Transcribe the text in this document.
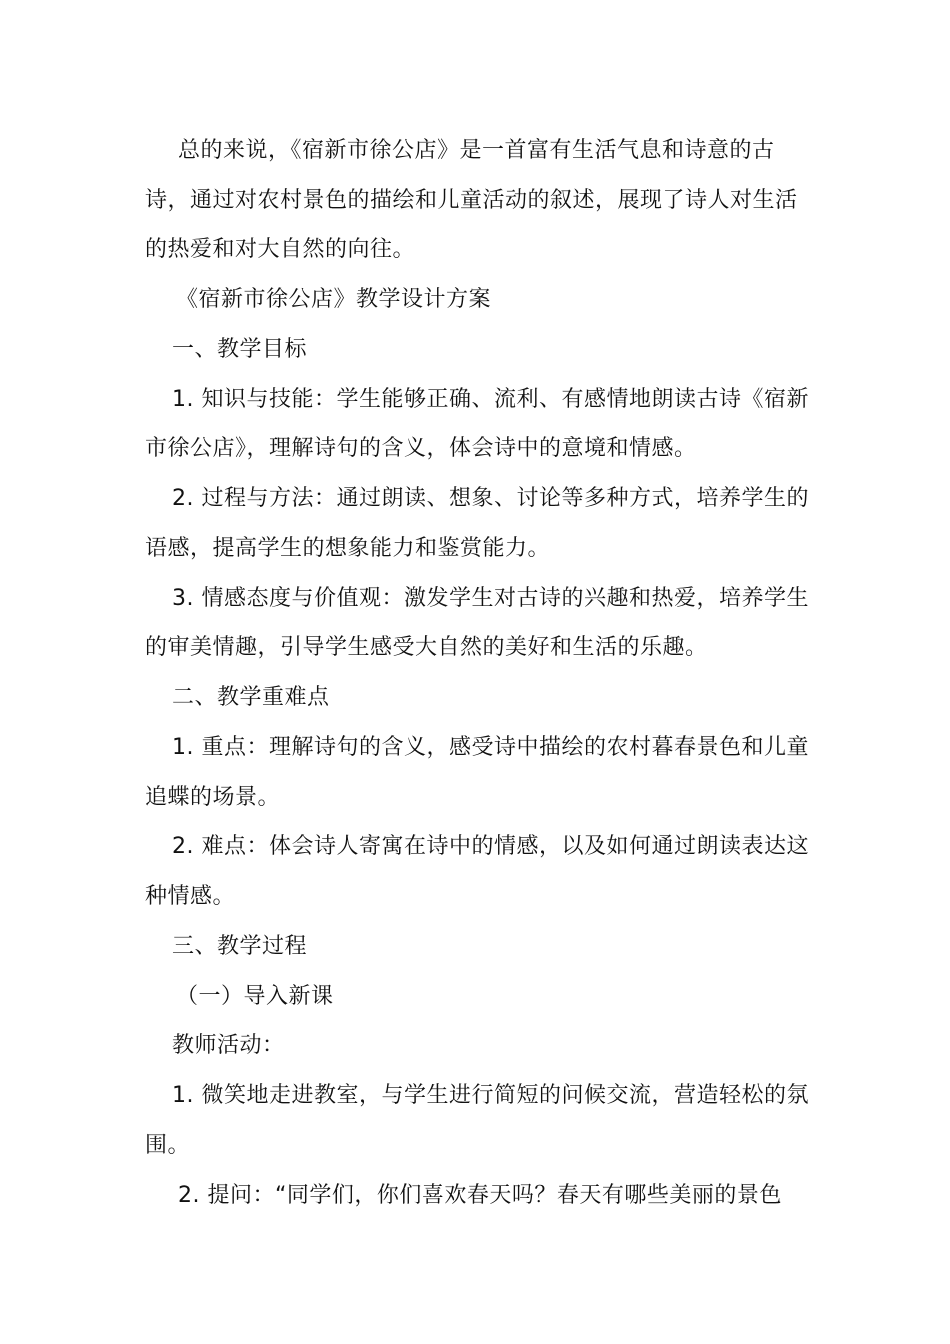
总的来说，《宿新市徐公店》是一首富有生活气息和诗意的古
诗，通过对农村景色的描绘和儿童活动的叙述，展现了诗人对生活
的热爱和对大自然的向往。
《宿新市徐公店》教学设计方案
一、教学目标
1. 知识与技能：学生能够正确、流利、有感情地朗读古诗《宿新
市徐公店》，理解诗句的含义，体会诗中的意境和情感。
2. 过程与方法：通过朗读、想象、讨论等多种方式，培养学生的
语感，提高学生的想象能力和鉴赏能力。
3. 情感态度与价值观：激发学生对古诗的兴趣和热爱，培养学生
的审美情趣，引导学生感受大自然的美好和生活的乐趣。
二、教学重难点
1. 重点：理解诗句的含义，感受诗中描绘的农村暮春景色和儿童
追蝶的场景。
2. 难点：体会诗人寄寓在诗中的情感，以及如何通过朗读表达这
种情感。
三、教学过程
（一）导入新课
教师活动：
1. 微笑地走进教室，与学生进行简短的问候交流，营造轻松的氛
围。
2. 提问：“同学们，你们喜欢春天吗？春天有哪些美丽的景色
